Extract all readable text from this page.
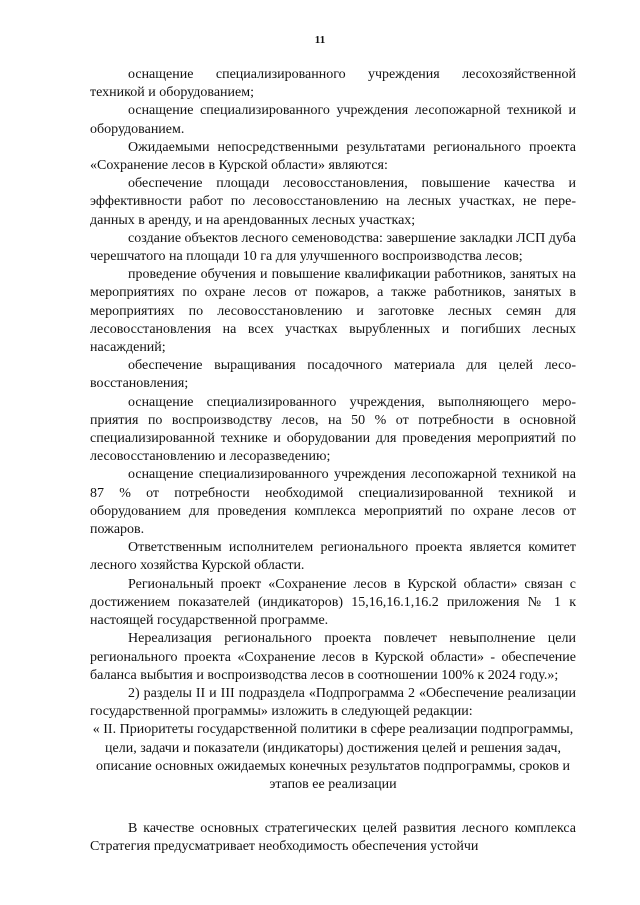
11

оснащение специализированного учреждения лесохозяйственной техникой и оборудованием;

оснащение специализированного учреждения лесопожарной техникой и оборудованием.

Ожидаемыми непосредственными результатами регионального проекта «Сохранение лесов в Курской области» являются:

обеспечение площади лесовосстановления, повышение качества и эффективности работ по лесовосстановлению на лесных участках, не переданных в аренду, и на арендованных лесных участках;

создание объектов лесного семеноводства: завершение закладки ЛСП дуба черешчатого на площади 10 га для улучшенного воспроизводства лесов;

проведение обучения и повышение квалификации работников, занятых на мероприятиях по охране лесов от пожаров, а также работников, занятых в мероприятиях по лесовосстановлению и заготовке лесных семян для лесовосстановления на всех участках вырубленных и погибших лесных насаждений;

обеспечение выращивания посадочного материала для целей лесовосстановления;

оснащение специализированного учреждения, выполняющего мероприятия по воспроизводству лесов, на 50 % от потребности в основной специализированной технике и оборудовании для проведения мероприятий по лесовосстановлению и лесоразведению;

оснащение специализированного учреждения лесопожарной техникой на 87 % от потребности необходимой специализированной техникой и оборудованием для проведения комплекса мероприятий по охране лесов от пожаров.

Ответственным исполнителем регионального проекта является комитет лесного хозяйства Курской области.

Региональный проект «Сохранение лесов в Курской области» связан с достижением показателей (индикаторов) 15,16,16.1,16.2 приложения № 1 к настоящей государственной программе.

Нереализация регионального проекта повлечет невыполнение цели регионального проекта «Сохранение лесов в Курской области» - обеспечение баланса выбытия и воспроизводства лесов в соотношении 100% к 2024 году.»;

2) разделы II и III подраздела «Подпрограмма 2 «Обеспечение реализации государственной программы» изложить в следующей редакции:

« II. Приоритеты государственной политики в сфере реализации подпрограммы, цели, задачи и показатели (индикаторы) достижения целей и решения задач, описание основных ожидаемых конечных результатов подпрограммы, сроков и этапов ее реализации

В качестве основных стратегических целей развития лесного комплекса Стратегия предусматривает необходимость обеспечения устойчи
